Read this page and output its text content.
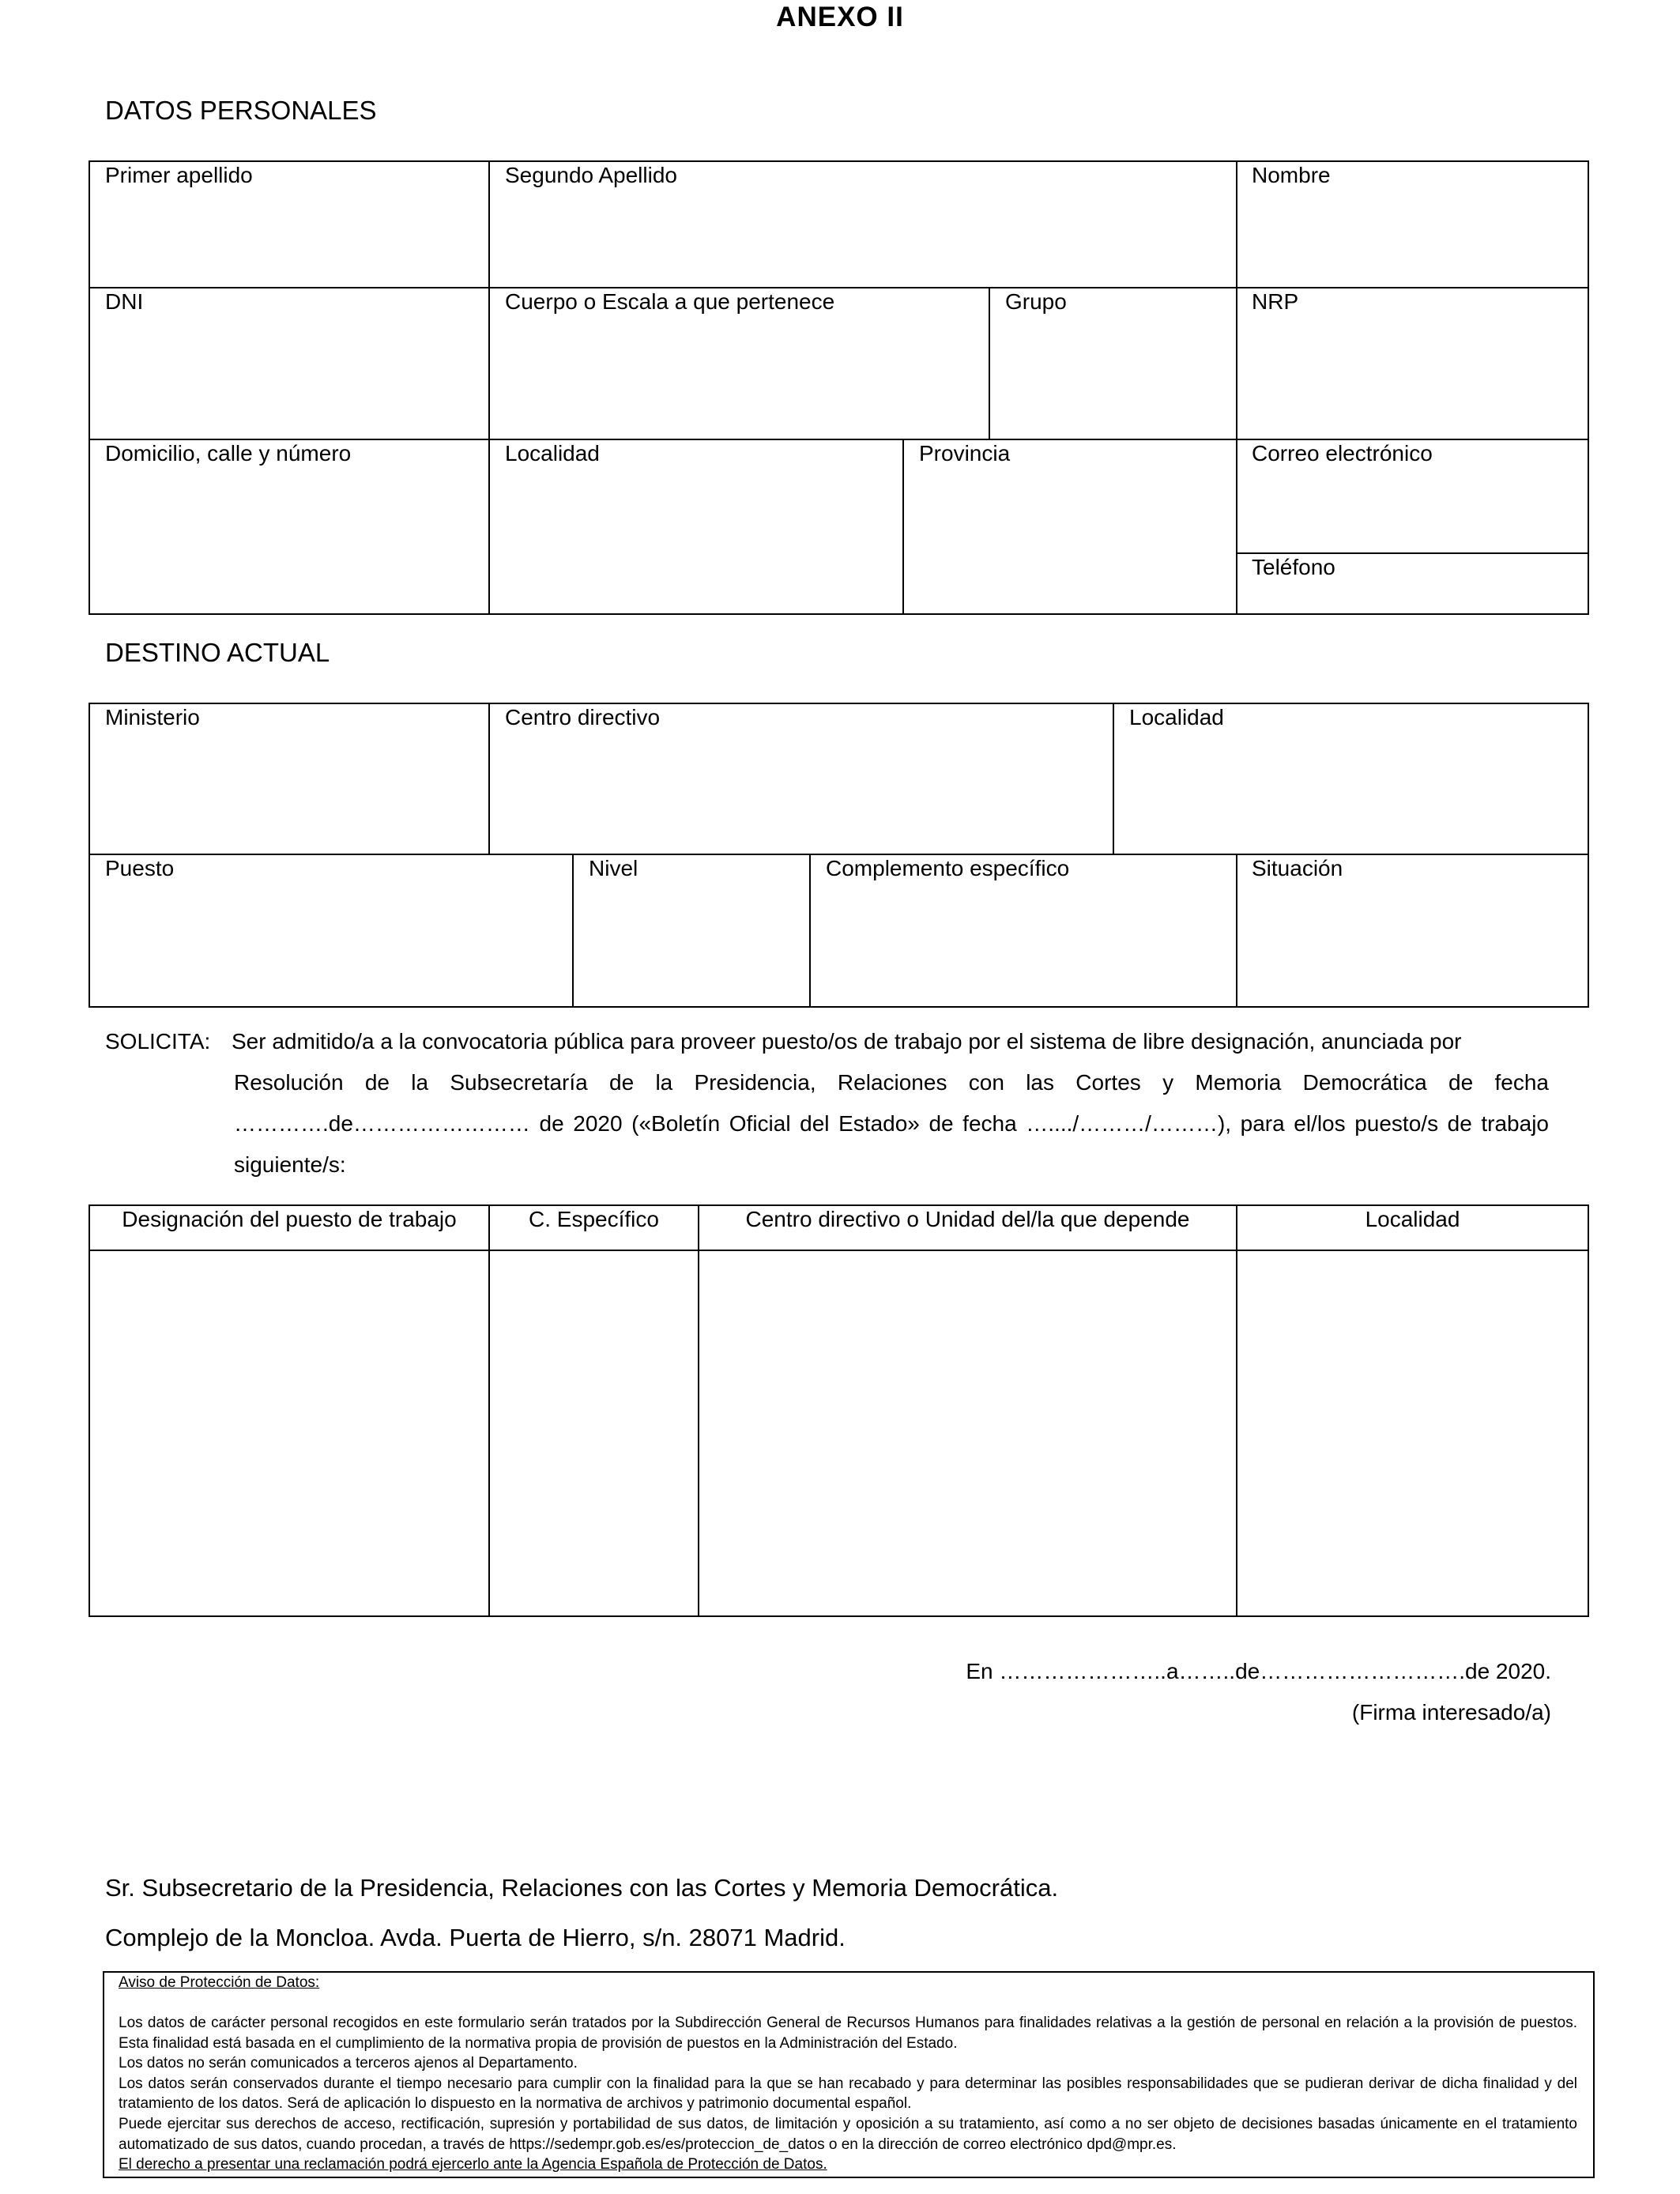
ANEXO II
DATOS PERSONALES
Primer apellido	Segundo Apellido	Nombre
DNI	Cuerpo o Escala a que pertenece	Grupo	NRP
Domicilio, calle y número	Localidad	Provincia	Correo electrónico
Teléfono
DESTINO ACTUAL
Ministerio	Centro directivo	Localidad
Puesto	Nivel	Complemento específico	Situación
SOLICITA: Ser admitido/a a la convocatoria pública para proveer puesto/os de trabajo por el sistema de libre designación, anunciada por
Resolución de la Subsecretaría de la Presidencia, Relaciones con las Cortes y Memoria Democrática de fecha ………….de…………………… de 2020 («Boletín Oficial del Estado» de fecha …..../………/………), para el/los puesto/s de trabajo siguiente/s:
Designación del puesto de trabajo	C. Específico	Centro directivo o Unidad del/la que depende	Localidad
En …………………..a……..de……………………….de 2020.
(Firma interesado/a)
Sr. Subsecretario de la Presidencia, Relaciones con las Cortes y Memoria Democrática.
Complejo de la Moncloa. Avda. Puerta de Hierro, s/n. 28071 Madrid.
Aviso de Protección de Datos:

Los datos de carácter personal recogidos en este formulario serán tratados por la Subdirección General de Recursos Humanos para finalidades relativas a la gestión de personal en relación a la provisión de puestos. Esta finalidad está basada en el cumplimiento de la normativa propia de provisión de puestos en la Administración del Estado.

Los datos no serán comunicados a terceros ajenos al Departamento.

Los datos serán conservados durante el tiempo necesario para cumplir con la finalidad para la que se han recabado y para determinar las posibles responsabilidades que se pudieran derivar de dicha finalidad y del tratamiento de los datos. Será de aplicación lo dispuesto en la normativa de archivos y patrimonio documental español.

Puede ejercitar sus derechos de acceso, rectificación, supresión y portabilidad de sus datos, de limitación y oposición a su tratamiento, así como a no ser objeto de decisiones basadas únicamente en el tratamiento automatizado de sus datos, cuando procedan, a través de https://sedempr.gob.es/es/proteccion_de_datos o en la dirección de correo electrónico dpd@mpr.es.

El derecho a presentar una reclamación podrá ejercerlo ante la Agencia Española de Protección de Datos.
